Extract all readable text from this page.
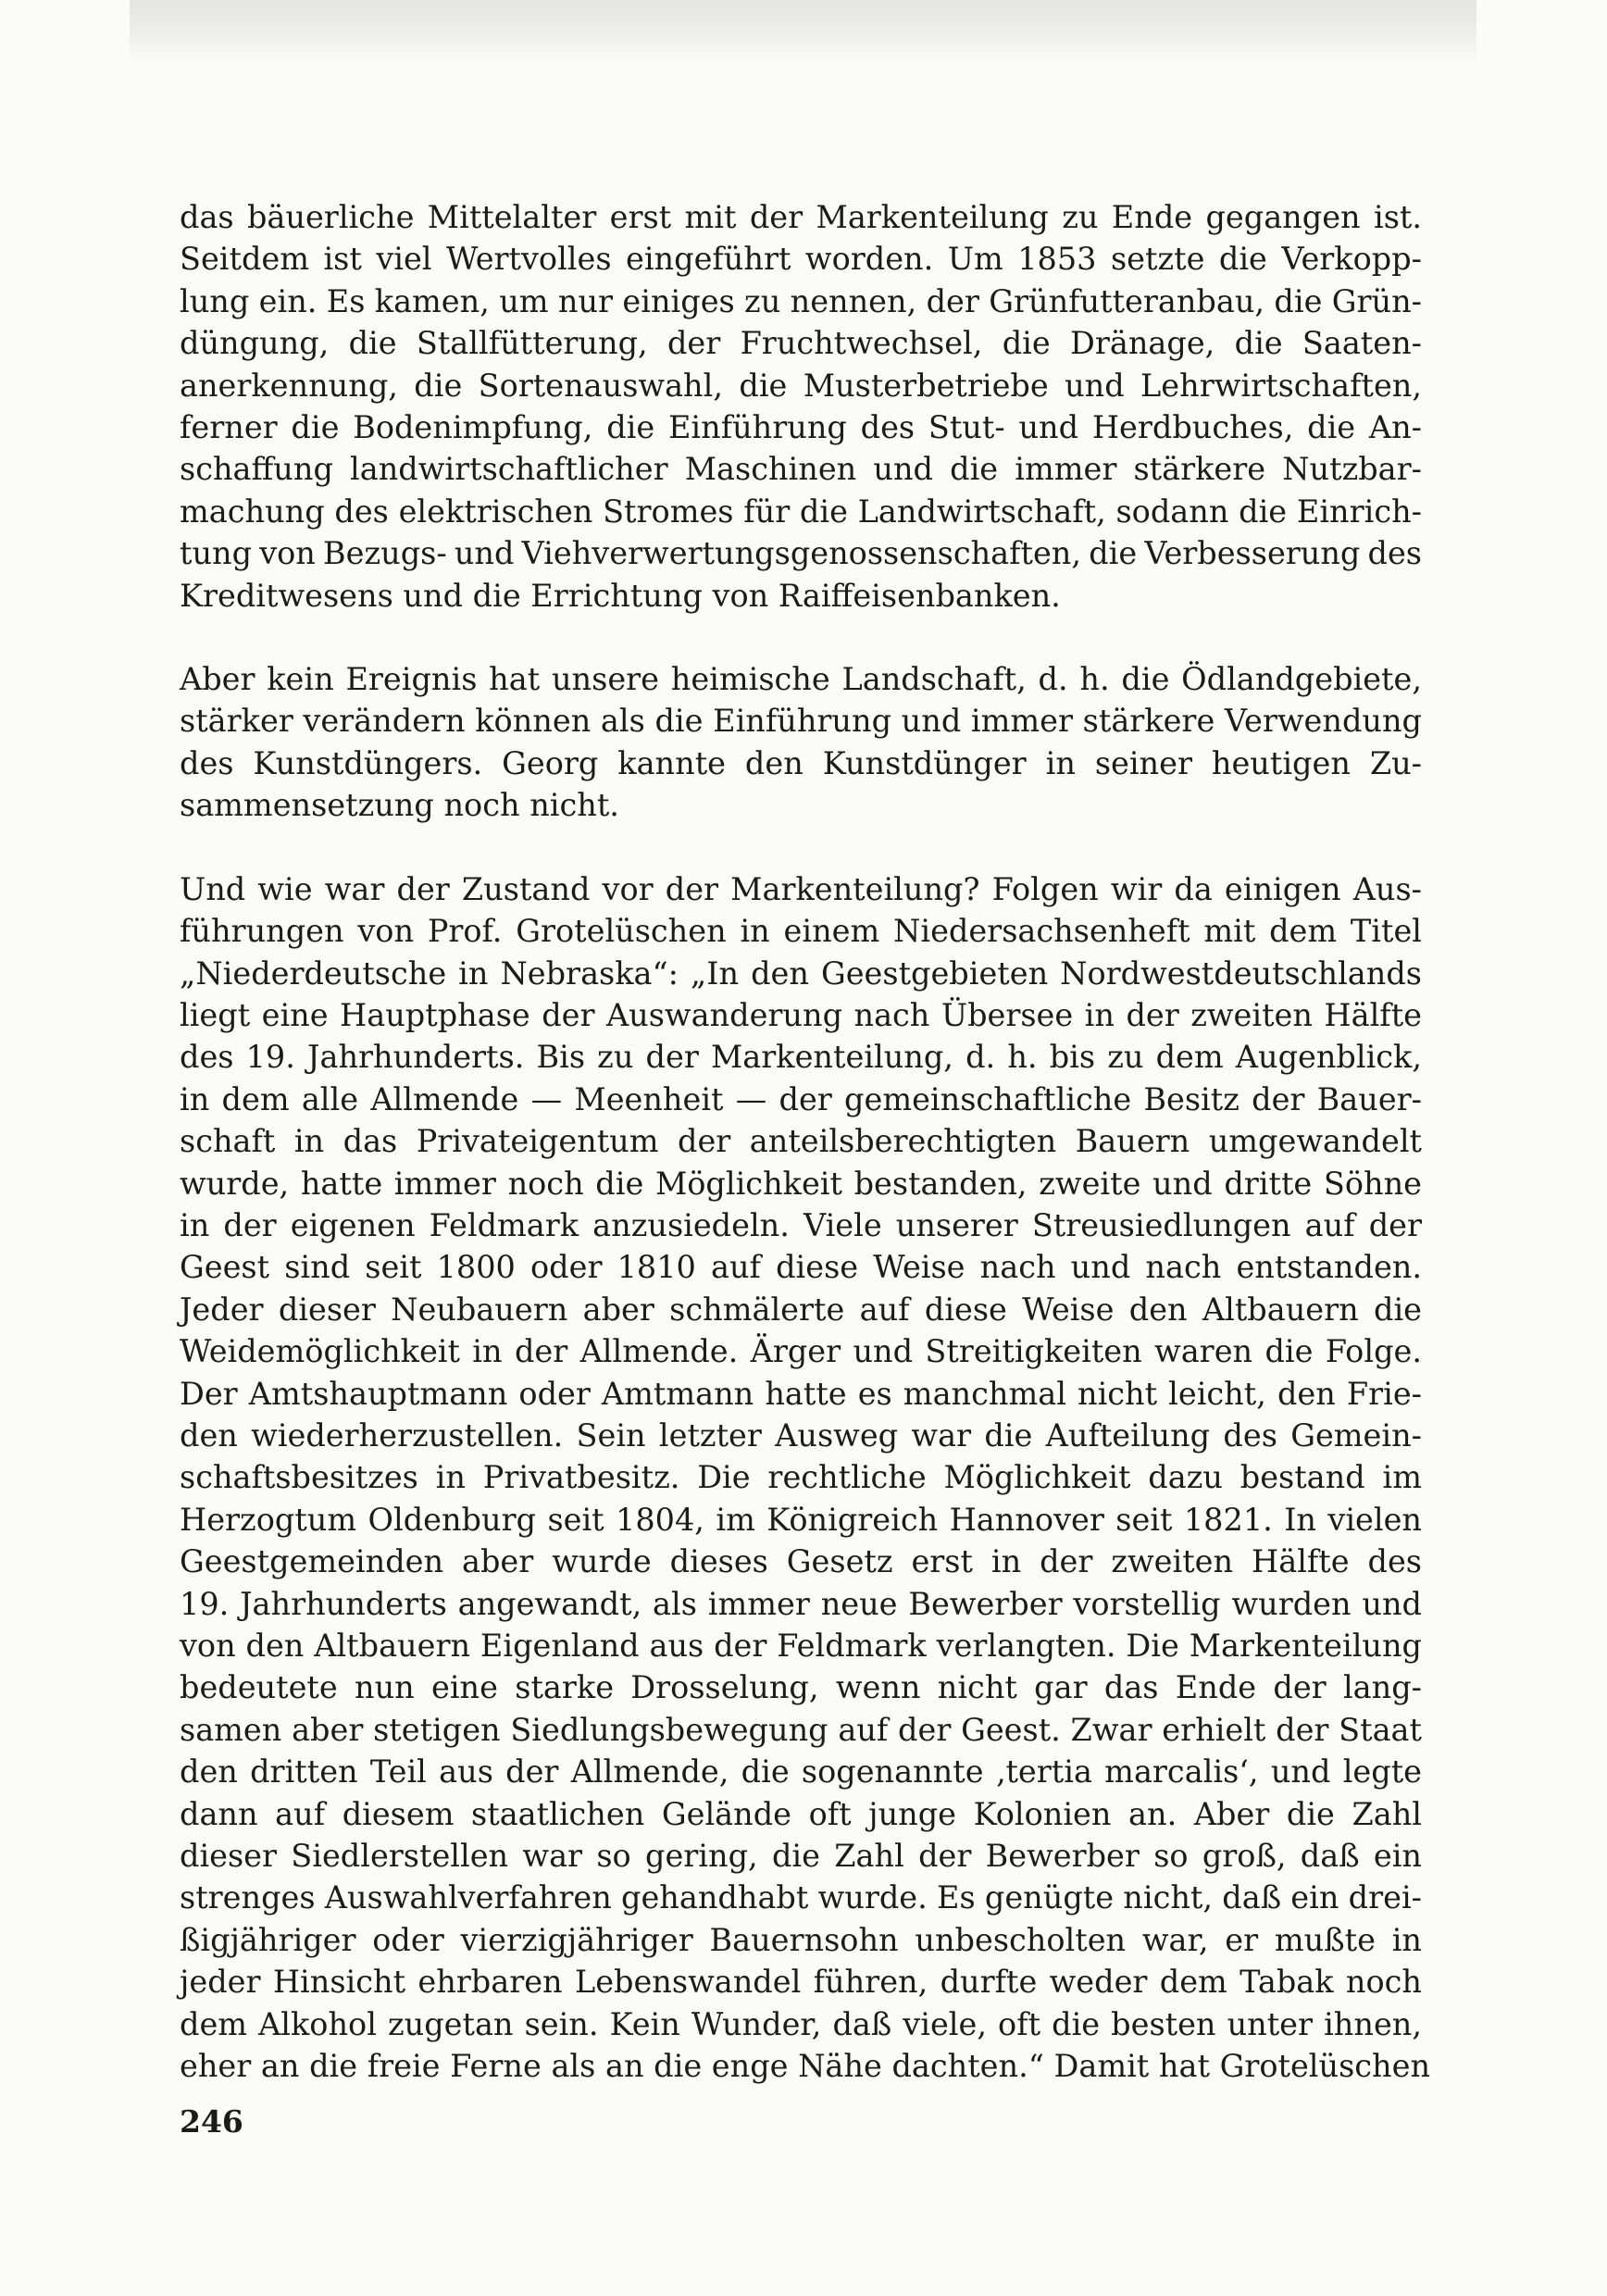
das bäuerliche Mittelalter erst mit der Markenteilung zu Ende gegangen ist.
Seitdem ist viel Wertvolles eingeführt worden. Um 1853 setzte die Verkopp-
lung ein. Es kamen, um nur einiges zu nennen, der Grünfutteranbau, die Grün-
düngung, die Stallfütterung, der Fruchtwechsel, die Dränage, die Saaten-
anerkennung, die Sortenauswahl, die Musterbetriebe und Lehrwirtschaften,
ferner die Bodenimpfung, die Einführung des Stut- und Herdbuches, die An-
schaffung landwirtschaftlicher Maschinen und die immer stärkere Nutzbar-
machung des elektrischen Stromes für die Landwirtschaft, sodann die Einrich-
tung von Bezugs- und Viehverwertungsgenossenschaften, die Verbesserung des
Kreditwesens und die Errichtung von Raiffeisenbanken.

Aber kein Ereignis hat unsere heimische Landschaft, d. h. die Ödlandgebiete,
stärker verändern können als die Einführung und immer stärkere Verwendung
des Kunstdüngers. Georg kannte den Kunstdünger in seiner heutigen Zu-
sammensetzung noch nicht.

Und wie war der Zustand vor der Markenteilung? Folgen wir da einigen Aus-
führungen von Prof. Grotelüschen in einem Niedersachsenheft mit dem Titel
„Niederdeutsche in Nebraska“: „In den Geestgebieten Nordwestdeutschlands
liegt eine Hauptphase der Auswanderung nach Übersee in der zweiten Hälfte
des 19. Jahrhunderts. Bis zu der Markenteilung, d. h. bis zu dem Augenblick,
in dem alle Allmende — Meenheit — der gemeinschaftliche Besitz der Bauer-
schaft in das Privateigentum der anteilsberechtigten Bauern umgewandelt
wurde, hatte immer noch die Möglichkeit bestanden, zweite und dritte Söhne
in der eigenen Feldmark anzusiedeln. Viele unserer Streusiedlungen auf der
Geest sind seit 1800 oder 1810 auf diese Weise nach und nach entstanden.
Jeder dieser Neubauern aber schmälerte auf diese Weise den Altbauern die
Weidemöglichkeit in der Allmende. Ärger und Streitigkeiten waren die Folge.
Der Amtshauptmann oder Amtmann hatte es manchmal nicht leicht, den Frie-
den wiederherzustellen. Sein letzter Ausweg war die Aufteilung des Gemein-
schaftsbesitzes in Privatbesitz. Die rechtliche Möglichkeit dazu bestand im
Herzogtum Oldenburg seit 1804, im Königreich Hannover seit 1821. In vielen
Geestgemeinden aber wurde dieses Gesetz erst in der zweiten Hälfte des
19. Jahrhunderts angewandt, als immer neue Bewerber vorstellig wurden und
von den Altbauern Eigenland aus der Feldmark verlangten. Die Markenteilung
bedeutete nun eine starke Drosselung, wenn nicht gar das Ende der lang-
samen aber stetigen Siedlungsbewegung auf der Geest. Zwar erhielt der Staat
den dritten Teil aus der Allmende, die sogenannte ‚tertia marcalis‘, und legte
dann auf diesem staatlichen Gelände oft junge Kolonien an. Aber die Zahl
dieser Siedlerstellen war so gering, die Zahl der Bewerber so groß, daß ein
strenges Auswahlverfahren gehandhabt wurde. Es genügte nicht, daß ein drei-
ßigjähriger oder vierzigjähriger Bauernsohn unbescholten war, er mußte in
jeder Hinsicht ehrbaren Lebenswandel führen, durfte weder dem Tabak noch
dem Alkohol zugetan sein. Kein Wunder, daß viele, oft die besten unter ihnen,
eher an die freie Ferne als an die enge Nähe dachten.“ Damit hat Grotelüschen

246
